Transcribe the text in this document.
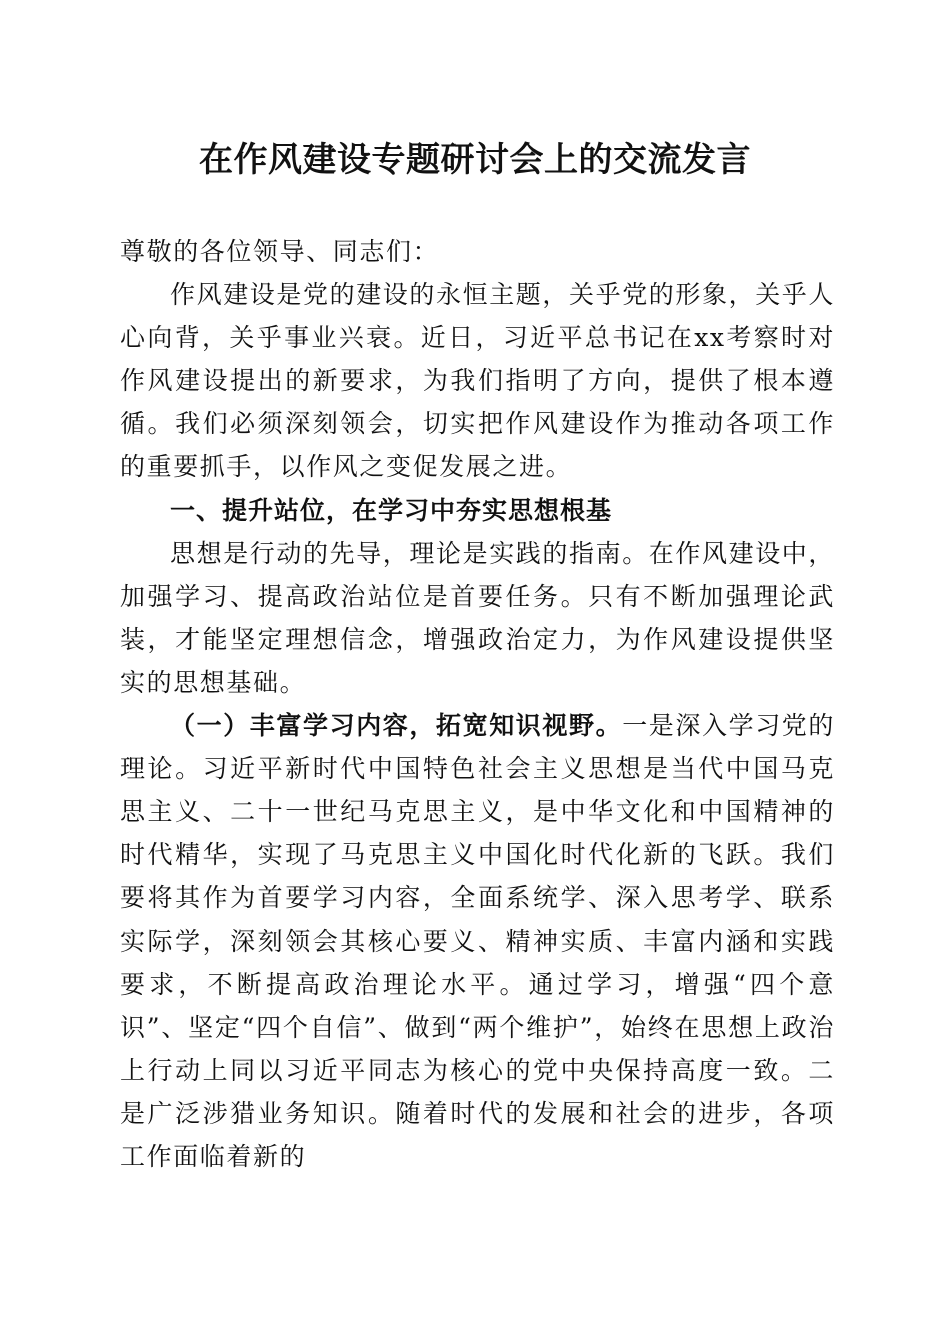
在作风建设专题研讨会上的交流发言

尊敬的各位领导、同志们：

作风建设是党的建设的永恒主题，关乎党的形象，关乎人心向背，关乎事业兴衰。近日，习近平总书记在xx考察时对作风建设提出的新要求，为我们指明了方向，提供了根本遵循。我们必须深刻领会，切实把作风建设作为推动各项工作的重要抓手，以作风之变促发展之进。

一、提升站位，在学习中夯实思想根基

思想是行动的先导，理论是实践的指南。在作风建设中，加强学习、提高政治站位是首要任务。只有不断加强理论武装，才能坚定理想信念，增强政治定力，为作风建设提供坚实的思想基础。

（一）丰富学习内容，拓宽知识视野。一是深入学习党的理论。习近平新时代中国特色社会主义思想是当代中国马克思主义、二十一世纪马克思主义，是中华文化和中国精神的时代精华，实现了马克思主义中国化时代化新的飞跃。我们要将其作为首要学习内容，全面系统学、深入思考学、联系实际学，深刻领会其核心要义、精神实质、丰富内涵和实践要求，不断提高政治理论水平。通过学习，增强“四个意识”、坚定“四个自信”、做到“两个维护”，始终在思想上政治上行动上同以习近平同志为核心的党中央保持高度一致。二是广泛涉猎业务知识。随着时代的发展和社会的进步，各项工作面临着新的
